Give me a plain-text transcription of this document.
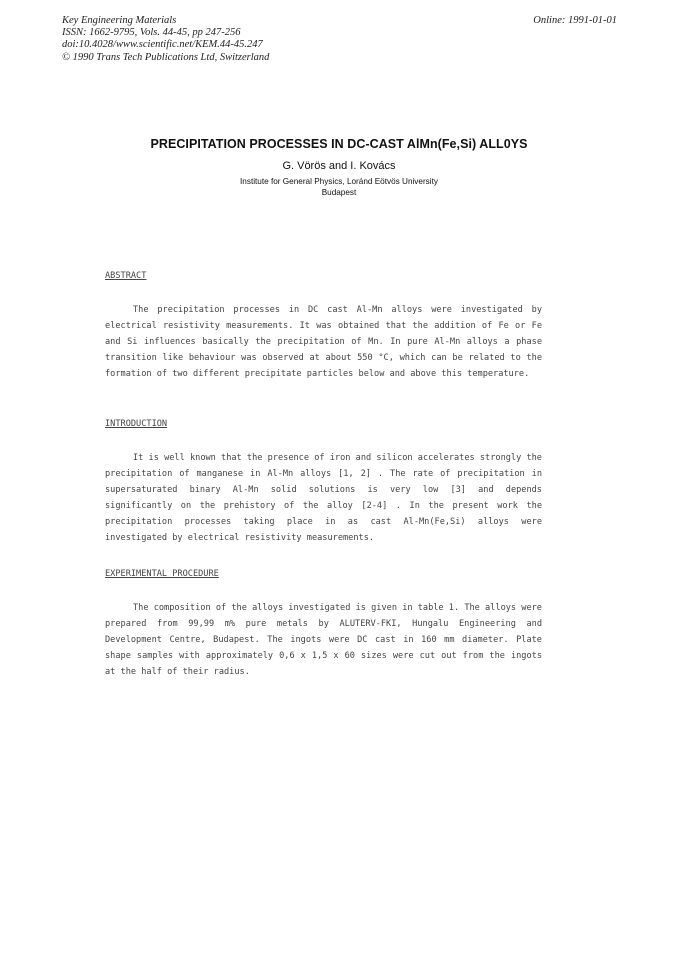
Key Engineering Materials
ISSN: 1662-9795, Vols. 44-45, pp 247-256
doi:10.4028/www.scientific.net/KEM.44-45.247
© 1990 Trans Tech Publications Ltd, Switzerland
Online: 1991-01-01
PRECIPITATION PROCESSES IN DC-CAST AlMn(Fe,Si) ALL0YS
G. Vörös and I. Kovács
Institute for General Physics, Loránd Eötvös University
Budapest
ABSTRACT

The precipitation processes in DC cast Al-Mn alloys were investigated by electrical resistivity measurements. It was obtained that the addition of Fe or Fe and Si influences basically the precipitation of Mn. In pure Al-Mn alloys a phase transition like behaviour was observed at about 550 °C, which can be related to the formation of two different precipitate particles below and above this temperature.

INTRODUCTION

It is well known that the presence of iron and silicon accelerates strongly the precipitation of manganese in Al-Mn alloys [1, 2] . The rate of precipitation in supersaturated binary Al-Mn solid solutions is very low [3] and depends significantly on the prehistory of the alloy [2-4] . In the present work the precipitation processes taking place in as cast Al-Mn(Fe,Si) alloys were investigated by electrical resistivity measurements.

EXPERIMENTAL PROCEDURE

The composition of the alloys investigated is given in table 1. The alloys were prepared from 99,99 m% pure metals by ALUTERV-FKI, Hungalu Engineering and Development Centre, Budapest. The ingots were DC cast in 160 mm diameter. Plate shape samples with approximately 0,6 x 1,5 x 60 sizes were cut out from the ingots at the half of their radius.
